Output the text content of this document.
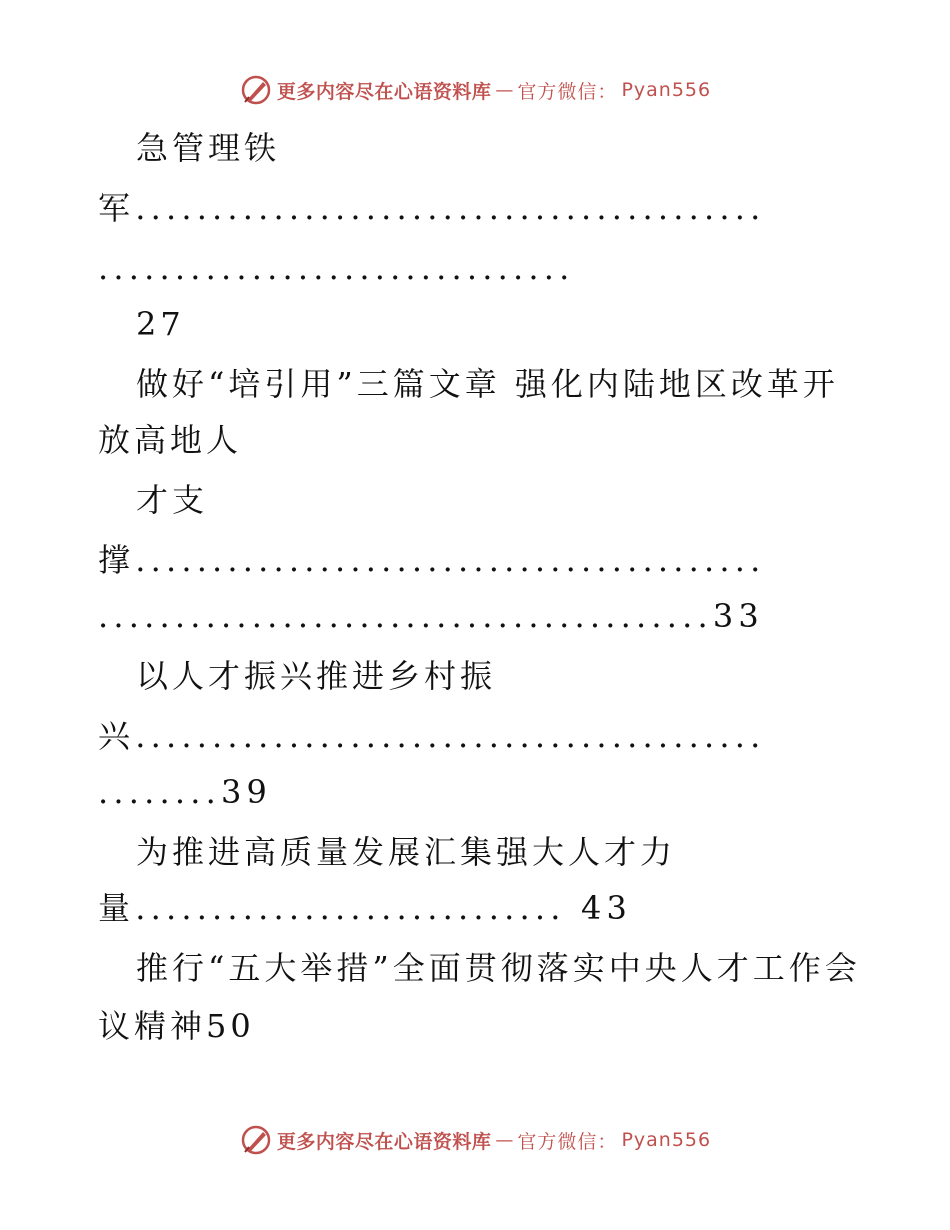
更多内容尽在心语资料库 — 官方微信： Pyan556
急管理铁
军.........................................
...............................
27
做好“培引用”三篇文章 强化内陆地区改革开
放高地人
才支
撑.........................................
........................................33
以人才振兴推进乡村振
兴.........................................
........39
为推进高质量发展汇集强大人才力
量............................ 43
推行“五大举措”全面贯彻落实中央人才工作会
议精神50
更多内容尽在心语资料库 — 官方微信： Pyan556
